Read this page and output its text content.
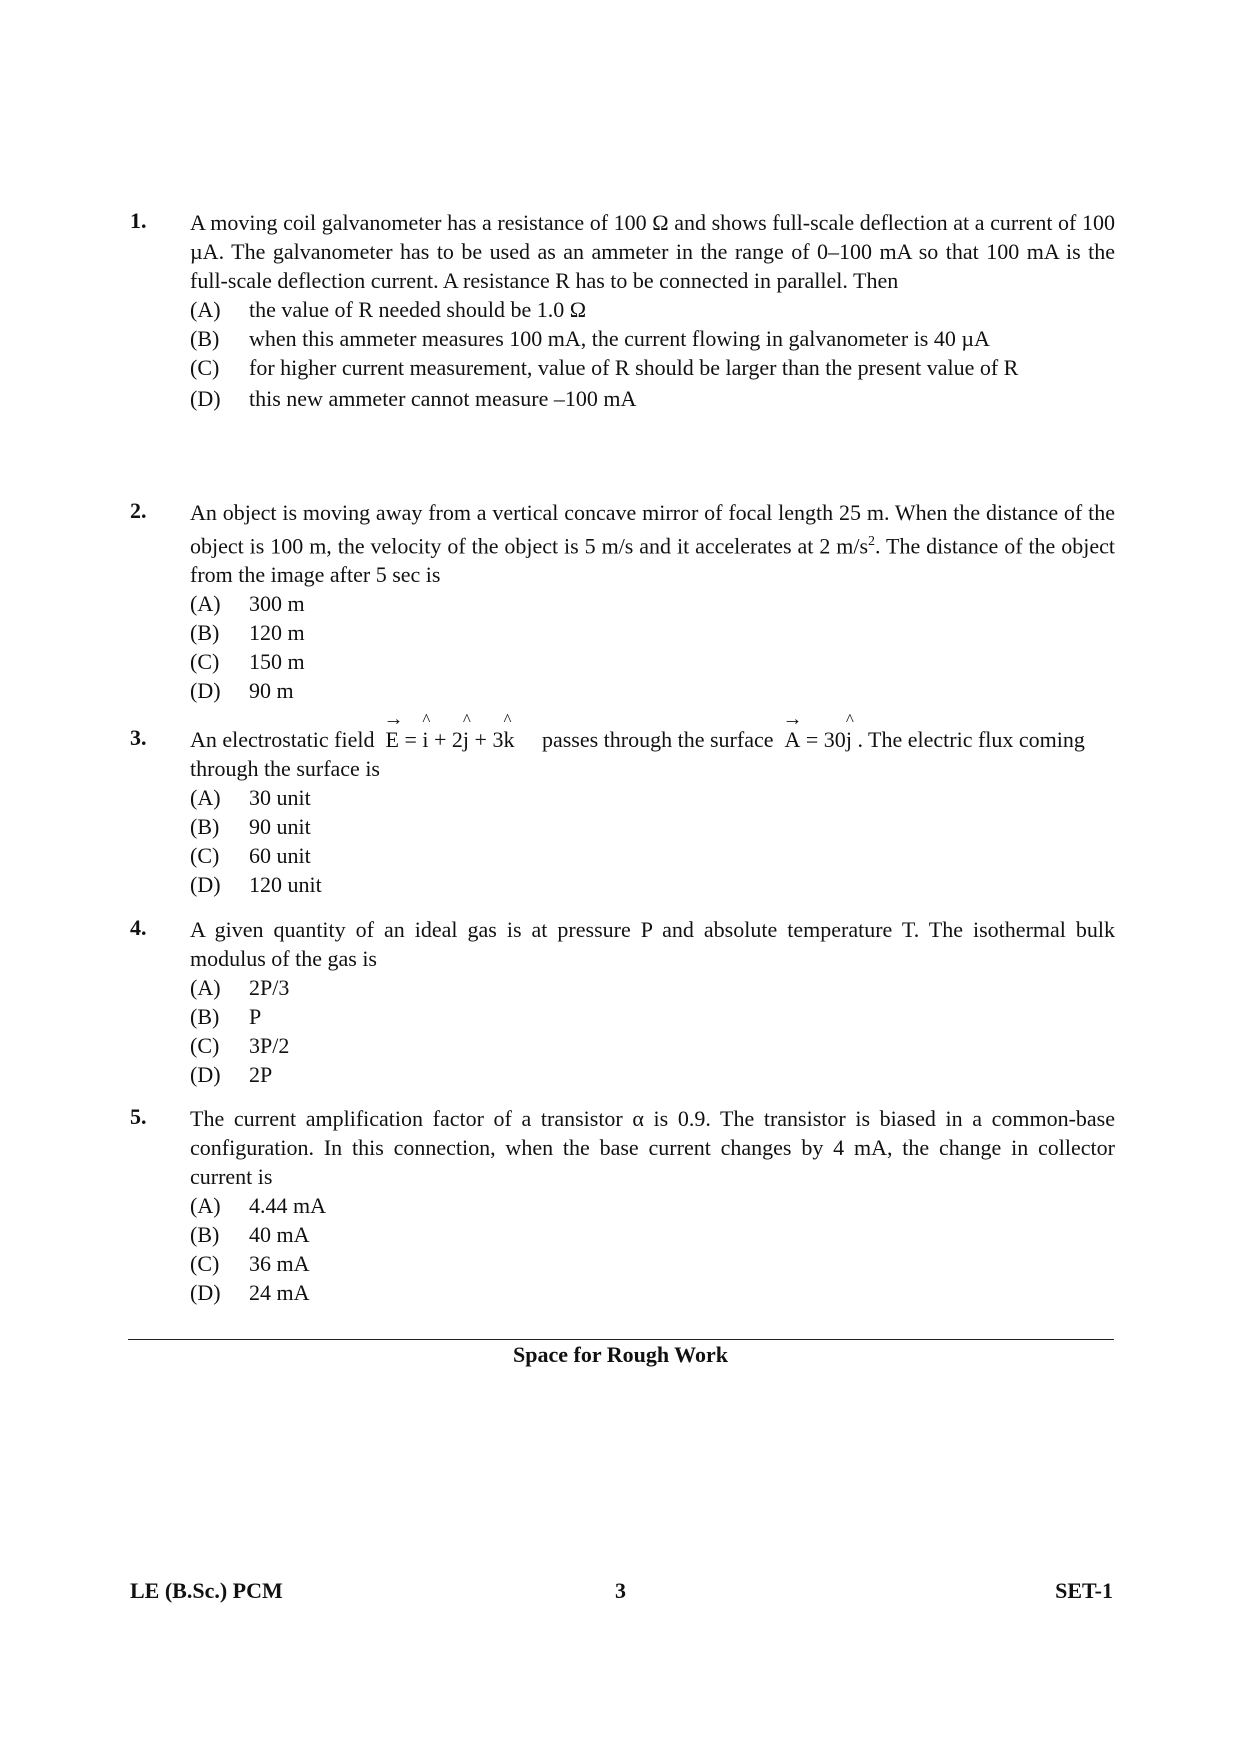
1. A moving coil galvanometer has a resistance of 100 Ω and shows full-scale deflection at a current of 100 µA. The galvanometer has to be used as an ammeter in the range of 0–100 mA so that 100 mA is the full-scale deflection current. A resistance R has to be connected in parallel. Then
(A)	the value of R needed should be 1.0 Ω
(B)	when this ammeter measures 100 mA, the current flowing in galvanometer is 40 µA
(C)	for higher current measurement, value of R should be larger than the present value of R
(D)	this new ammeter cannot measure –100 mA
2. An object is moving away from a vertical concave mirror of focal length 25 m. When the distance of the object is 100 m, the velocity of the object is 5 m/s and it accelerates at 2 $m/s^2$. The distance of the object from the image after 5 sec is
(A)	300 m
(B)	120 m
(C)	150 m
(D)	90 m
3. An electrostatic field
→
E =
^
i + 2
^
j + 3
^
k passes through the surface
→
A = 30
^
j . The electric flux coming through the surface is
(A)	30 unit
(B)	90 unit
(C)	60 unit
(D)	120 unit
4. A given quantity of an ideal gas is at pressure P and absolute temperature T. The isothermal bulk modulus of the gas is
(A)	2P/3
(B)	P
(C)	3P/2
(D)	2P
5. The current amplification factor of a transistor α is 0.9. The transistor is biased in a common-base configuration. In this connection, when the base current changes by 4 mA, the change in collector current is
(A)	4.44 mA
(B)	40 mA
(C)	36 mA
(D)	24 mA
Space for Rough Work
LE (B.Sc.) PCM	3	SET-1
